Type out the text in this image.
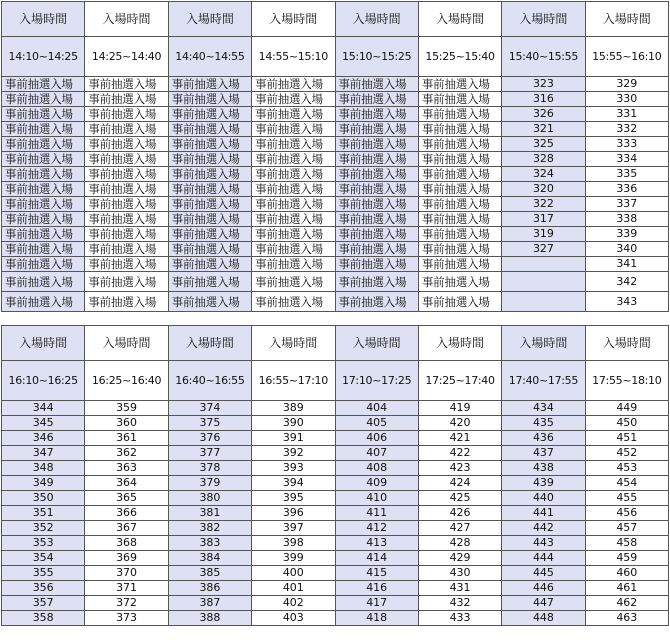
入場時間	入場時間	入場時間	入場時間	入場時間	入場時間	入場時間	入場時間
14:10~14:25	14:25~14:40	14:40~14:55	14:55~15:10	15:10~15:25	15:25~15:40	15:40~15:55	15:55~16:10
事前抽選入場	事前抽選入場	事前抽選入場	事前抽選入場	事前抽選入場	事前抽選入場	323	329
事前抽選入場	事前抽選入場	事前抽選入場	事前抽選入場	事前抽選入場	事前抽選入場	316	330
事前抽選入場	事前抽選入場	事前抽選入場	事前抽選入場	事前抽選入場	事前抽選入場	326	331
事前抽選入場	事前抽選入場	事前抽選入場	事前抽選入場	事前抽選入場	事前抽選入場	321	332
事前抽選入場	事前抽選入場	事前抽選入場	事前抽選入場	事前抽選入場	事前抽選入場	325	333
事前抽選入場	事前抽選入場	事前抽選入場	事前抽選入場	事前抽選入場	事前抽選入場	328	334
事前抽選入場	事前抽選入場	事前抽選入場	事前抽選入場	事前抽選入場	事前抽選入場	324	335
事前抽選入場	事前抽選入場	事前抽選入場	事前抽選入場	事前抽選入場	事前抽選入場	320	336
事前抽選入場	事前抽選入場	事前抽選入場	事前抽選入場	事前抽選入場	事前抽選入場	322	337
事前抽選入場	事前抽選入場	事前抽選入場	事前抽選入場	事前抽選入場	事前抽選入場	317	338
事前抽選入場	事前抽選入場	事前抽選入場	事前抽選入場	事前抽選入場	事前抽選入場	319	339
事前抽選入場	事前抽選入場	事前抽選入場	事前抽選入場	事前抽選入場	事前抽選入場	327	340
事前抽選入場	事前抽選入場	事前抽選入場	事前抽選入場	事前抽選入場	事前抽選入場		341
事前抽選入場	事前抽選入場	事前抽選入場	事前抽選入場	事前抽選入場	事前抽選入場		342
事前抽選入場	事前抽選入場	事前抽選入場	事前抽選入場	事前抽選入場	事前抽選入場		343
入場時間	入場時間	入場時間	入場時間	入場時間	入場時間	入場時間	入場時間
16:10~16:25	16:25~16:40	16:40~16:55	16:55~17:10	17:10~17:25	17:25~17:40	17:40~17:55	17:55~18:10
344	359	374	389	404	419	434	449
345	360	375	390	405	420	435	450
346	361	376	391	406	421	436	451
347	362	377	392	407	422	437	452
348	363	378	393	408	423	438	453
349	364	379	394	409	424	439	454
350	365	380	395	410	425	440	455
351	366	381	396	411	426	441	456
352	367	382	397	412	427	442	457
353	368	383	398	413	428	443	458
354	369	384	399	414	429	444	459
355	370	385	400	415	430	445	460
356	371	386	401	416	431	446	461
357	372	387	402	417	432	447	462
358	373	388	403	418	433	448	463
